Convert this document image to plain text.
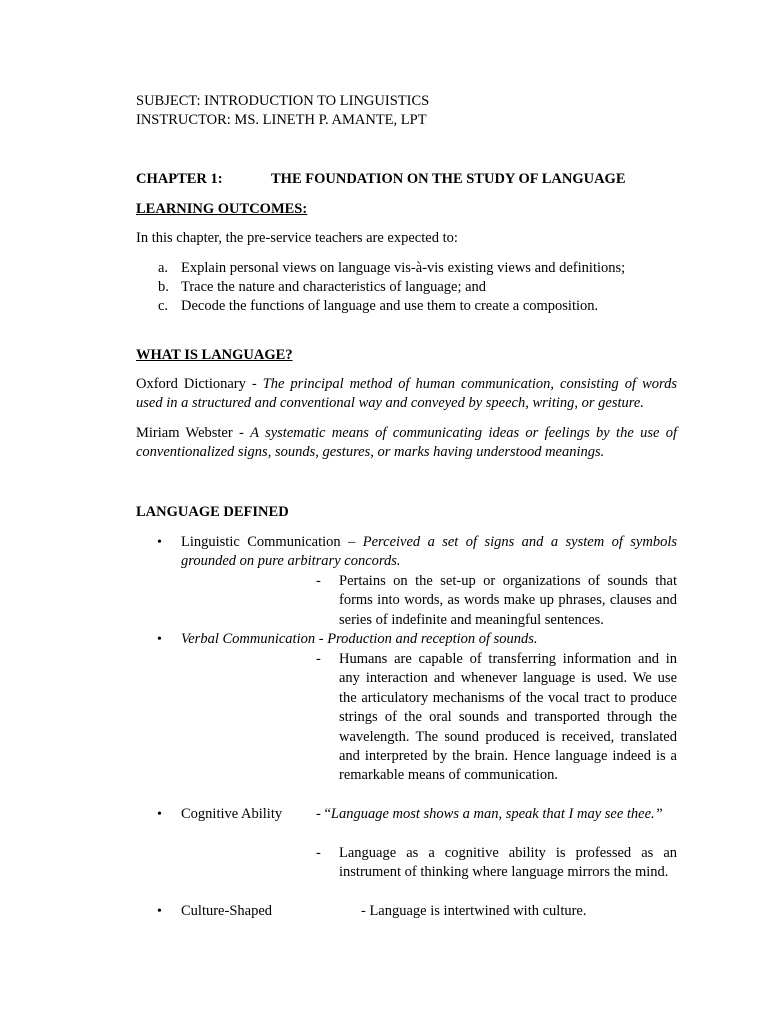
SUBJECT: INTRODUCTION TO LINGUISTICS

INSTRUCTOR: MS. LINETH P. AMANTE, LPT

CHAPTER 1:	THE FOUNDATION ON THE STUDY OF LANGUAGE

LEARNING OUTCOMES:

In this chapter, the pre-service teachers are expected to:

a. Explain personal views on language vis-à-vis existing views and definitions;
b. Trace the nature and characteristics of language; and
c. Decode the functions of language and use them to create a composition.

WHAT IS LANGUAGE?

Oxford Dictionary - The principal method of human communication, consisting of words used in a structured and conventional way and conveyed by speech, writing, or gesture.

Miriam Webster - A systematic means of communicating ideas or feelings by the use of conventionalized signs, sounds, gestures, or marks having understood meanings.

LANGUAGE DEFINED

• Linguistic Communication – Perceived a set of signs and a system of symbols grounded on pure arbitrary concords.

- Pertains on the set-up or organizations of sounds that forms into words, as words make up phrases, clauses and series of indefinite and meaningful sentences.

• Verbal Communication - Production and reception of sounds.

- Humans are capable of transferring information and in any interaction and whenever language is used. We use the articulatory mechanisms of the vocal tract to produce strings of the oral sounds and transported through the wavelength. The sound produced is received, translated and interpreted by the brain. Hence language indeed is a remarkable means of communication.

• Cognitive Ability - “Language most shows a man, speak that I may see thee.”

- Language as a cognitive ability is professed as an instrument of thinking where language mirrors the mind.

• Culture-Shaped	- Language is intertwined with culture.
